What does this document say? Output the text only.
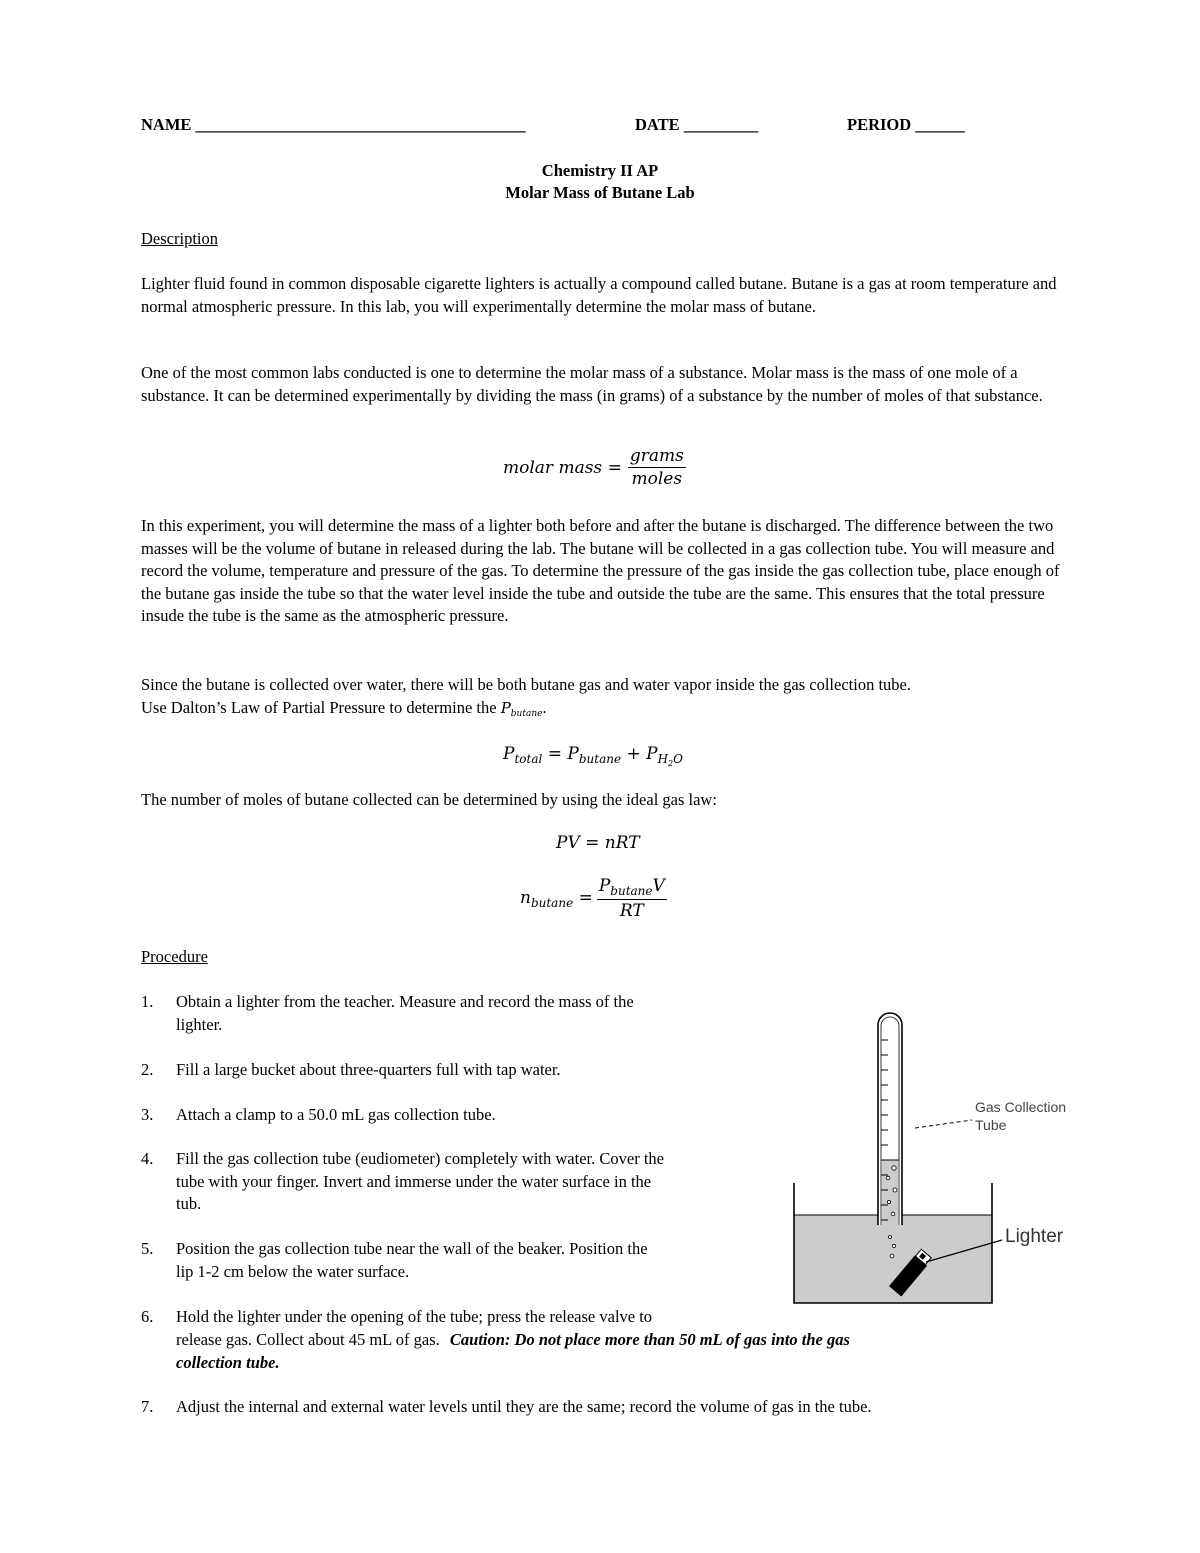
NAME ________________________________________	DATE _________	PERIOD ______
Chemistry II AP
Molar Mass of Butane Lab
Description
Lighter fluid found in common disposable cigarette lighters is actually a compound called butane. Butane is a gas at room temperature and normal atmospheric pressure. In this lab, you will experimentally determine the molar mass of butane.
One of the most common labs conducted is one to determine the molar mass of a substance. Molar mass is the mass of one mole of a substance. It can be determined experimentally by dividing the mass (in grams) of a substance by the number of moles of that substance.
molar mass = $\frac{\text{grams}}{\text{moles}}$
In this experiment, you will determine the mass of a lighter both before and after the butane is discharged. The difference between the two masses will be the volume of butane in released during the lab. The butane will be collected in a gas collection tube. You will measure and record the volume, temperature and pressure of the gas. To determine the pressure of the gas inside the gas collection tube, place enough of the butane gas inside the tube so that the water level inside the tube and outside the tube are the same. This ensures that the total pressure insude the tube is the same as the atmospheric pressure.
Since the butane is collected over water, there will be both butane gas and water vapor inside the gas collection tube.
Use Dalton’s Law of Partial Pressure to determine the $P_{butane}$.
$P_{total} = P_{butane} + P_{H_2O}$
The number of moles of butane collected can be determined by using the ideal gas law:
PV = nRT
$n_{butane} = \frac{P_{butane}V}{RT}$
Procedure
1.	Obtain a lighter from the teacher. Measure and record the mass of the
lighter.
2.	Fill a large bucket about three-quarters full with tap water.
3.	Attach a clamp to a 50.0 mL gas collection tube.
4.	Fill the gas collection tube (eudiometer) completely with water. Cover the
tube with your finger. Invert and immerse under the water surface in the
tub.
5.	Position the gas collection tube near the wall of the beaker. Position the
lip 1-2 cm below the water surface.
6.	Hold the lighter under the opening of the tube; press the release valve to
release gas. Collect about 45 mL of gas. Caution: Do not place more than 50 mL of gas into the gas
collection tube.
7.	Adjust the internal and external water levels until they are the same; record the volume of gas in the tube.
Gas Collection
Tube
Lighter
